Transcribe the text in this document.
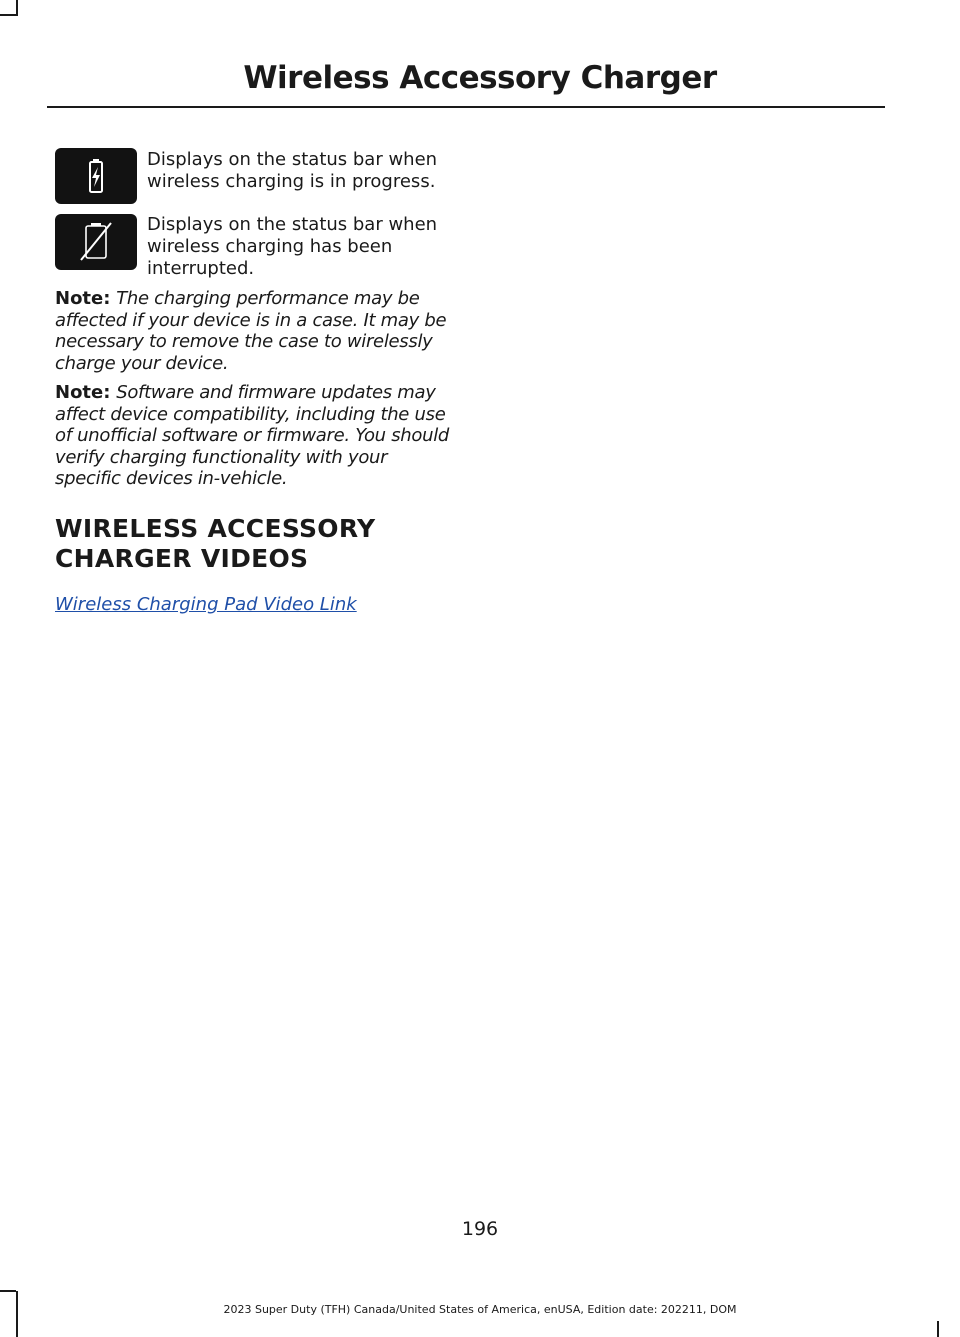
Wireless Accessory Charger
Displays on the status bar when wireless charging is in progress.
Displays on the status bar when wireless charging has been interrupted.
Note: The charging performance may be affected if your device is in a case. It may be necessary to remove the case to wirelessly charge your device.
Note: Software and firmware updates may affect device compatibility, including the use of unofficial software or firmware. You should verify charging functionality with your specific devices in-vehicle.
WIRELESS ACCESSORY
CHARGER VIDEOS
Wireless Charging Pad Video Link
196
2023 Super Duty (TFH) Canada/United States of America, enUSA, Edition date: 202211, DOM
